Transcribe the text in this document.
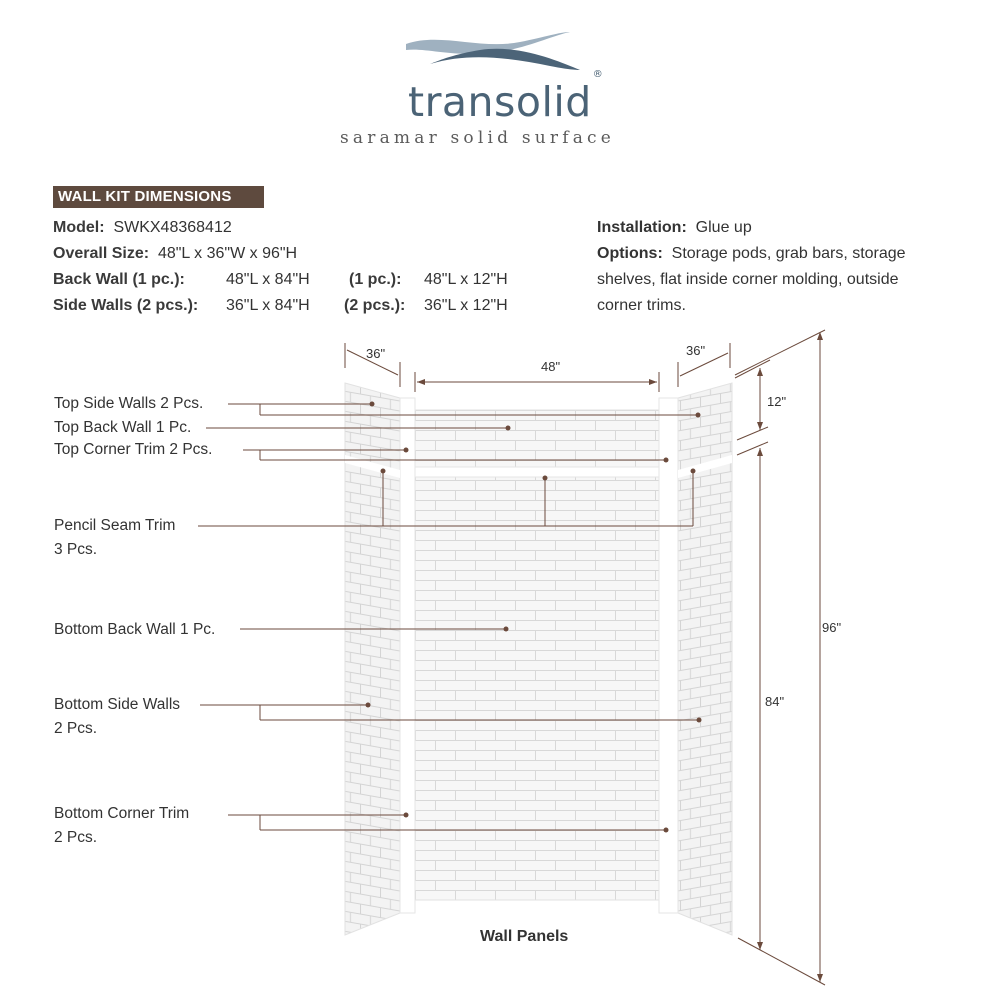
transolid®
saramar solid surface
WALL KIT DIMENSIONS
Model: SWKX48368412
Overall Size: 48"L x 36"W x 96"H
Back Wall (1 pc.):	48"L x 84"H (1 pc.): 48"L x 12"H
Side Walls (2 pcs.): 36"L x 84"H (2 pcs.): 36"L x 12"H
Installation: Glue up
Options: Storage pods, grab bars, storage
shelves, flat inside corner molding, outside
corner trims.
36"
48"
36"
12"
84"
96"
Top Side Walls 2 Pcs.
Top Back Wall 1 Pc.
Top Corner Trim 2 Pcs.
Pencil Seam Trim
3 Pcs.
Bottom Back Wall 1 Pc.
Bottom Side Walls
2 Pcs.
Bottom Corner Trim
2 Pcs.
Wall Panels
